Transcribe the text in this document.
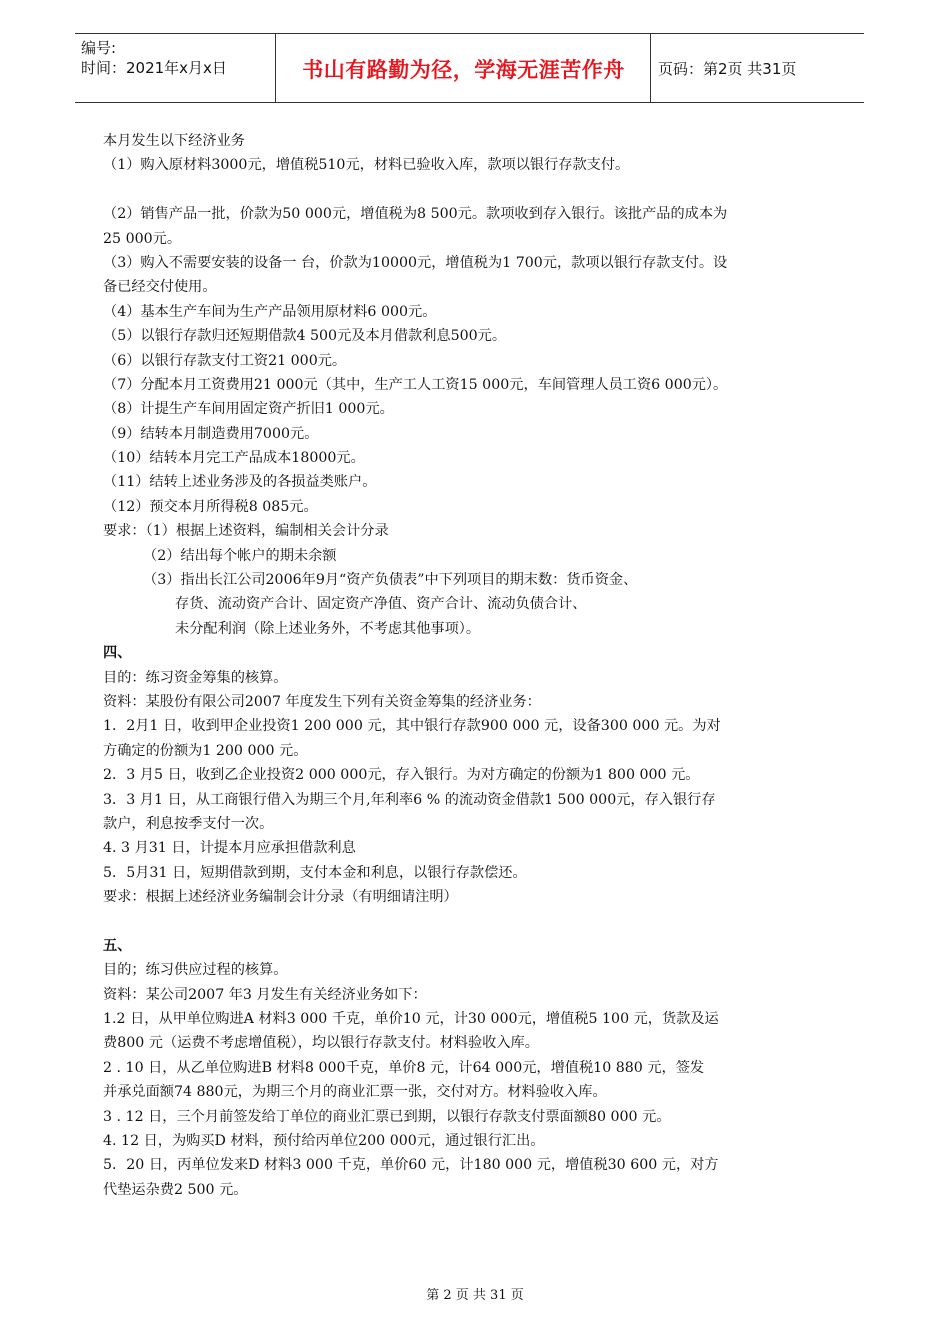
编号:
时间：2021年x月x日	书山有路勤为径，学海无涯苦作舟	页码：第2页 共31页
本月发生以下经济业务
（1）购入原材料3000元，增值税510元，材料已验收入库，款项以银行存款支付。
（2）销售产品一批，价款为50 000元，增值税为8 500元。款项收到存入银行。该批产品的成本为
25 000元。
（3）购入不需要安装的设备一 台，价款为10000元，增值税为1 700元，款项以银行存款支付。设
备已经交付使用。
（4）基本生产车间为生产产品领用原材料6 000元。
（5）以银行存款归还短期借款4 500元及本月借款利息500元。
（6）以银行存款支付工资21 000元。
（7）分配本月工资费用21 000元（其中，生产工人工资15 000元，车间管理人员工资6 000元）。
（8）计提生产车间用固定资产折旧1 000元。
（9）结转本月制造费用7000元。
（10）结转本月完工产品成本18000元。
（11）结转上述业务涉及的各损益类账户。
（12）预交本月所得税8 085元。
要求：（1）根据上述资料，编制相关会计分录
（2）结出每个帐户的期未余额
（3）指出长江公司2006年9月“资产负债表”中下列项目的期末数：货币资金、
存货、流动资产合计、固定资产净值、资产合计、流动负债合计、
未分配利润（除上述业务外，不考虑其他事项）。
四、
目的：练习资金筹集的核算。
资料：某股份有限公司2007 年度发生下列有关资金筹集的经济业务：
1．2月1 日，收到甲企业投资1 200 000 元，其中银行存款900 000 元，设备300 000 元。为对
方确定的份额为1 200 000 元。
2．3 月5 日，收到乙企业投资2 000 000元，存入银行。为对方确定的份额为1 800 000 元。
3．3 月1 日，从工商银行借入为期三个月,年利率6 % 的流动资金借款1 500 000元，存入银行存
款户，利息按季支付一次。
4. 3 月31 日，计提本月应承担借款利息
5．5月31 日，短期借款到期，支付本金和利息，以银行存款偿还。
要求：根据上述经济业务编制会计分录（有明细请注明）
五、
目的；练习供应过程的核算。
资料：某公司2007 年3 月发生有关经济业务如下：
1.2 日，从甲单位购进A 材料3 000 千克，单价10 元，计30 000元，增值税5 100 元，货款及运
费800 元（运费不考虑增值税），均以银行存款支付。材料验收入库。
2 . 10 日，从乙单位购进B 材料8 000千克，单价8 元，计64 000元，增值税10 880 元，签发
并承兑面额74 880元，为期三个月的商业汇票一张，交付对方。材料验收入库。
3 . 12 日，三个月前签发给丁单位的商业汇票已到期，以银行存款支付票面额80 000 元。
4. 12 日，为购买D 材料，预付给丙单位200 000元，通过银行汇出。
5．20 日，丙单位发来D 材料3 000 千克，单价60 元，计180 000 元，增值税30 600 元，对方
代垫运杂费2 500 元。
第 2 页 共 31 页
